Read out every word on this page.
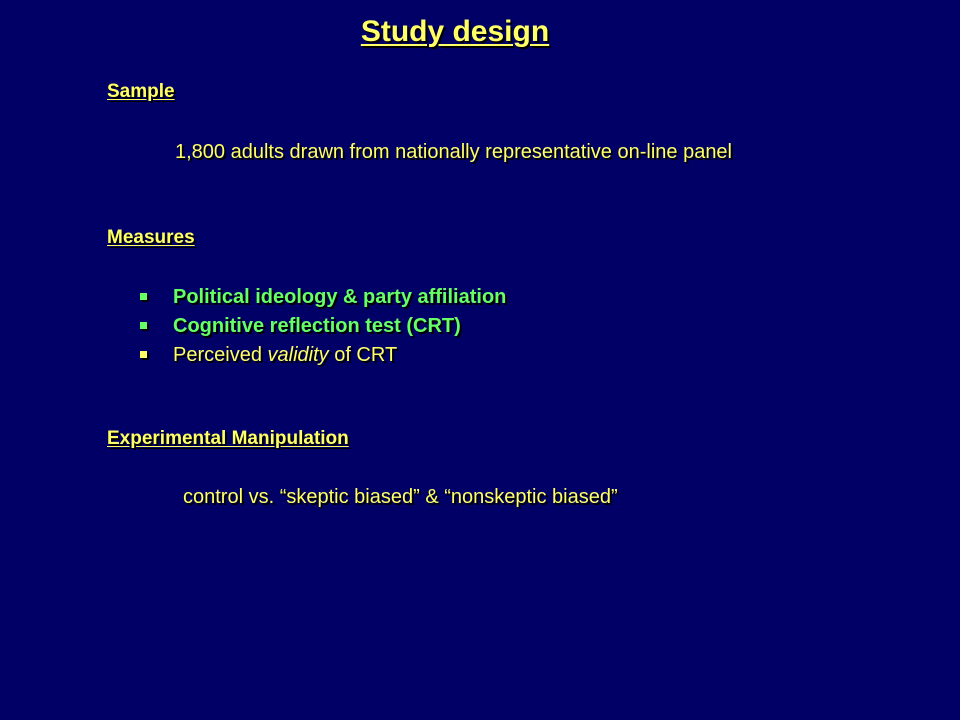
Study design
Sample
1,800 adults drawn from nationally representative on-line panel
Measures
Political ideology & party affiliation
Cognitive reflection test (CRT)
Perceived validity of CRT
Experimental Manipulation
control vs. “skeptic biased” & “nonskeptic biased”
